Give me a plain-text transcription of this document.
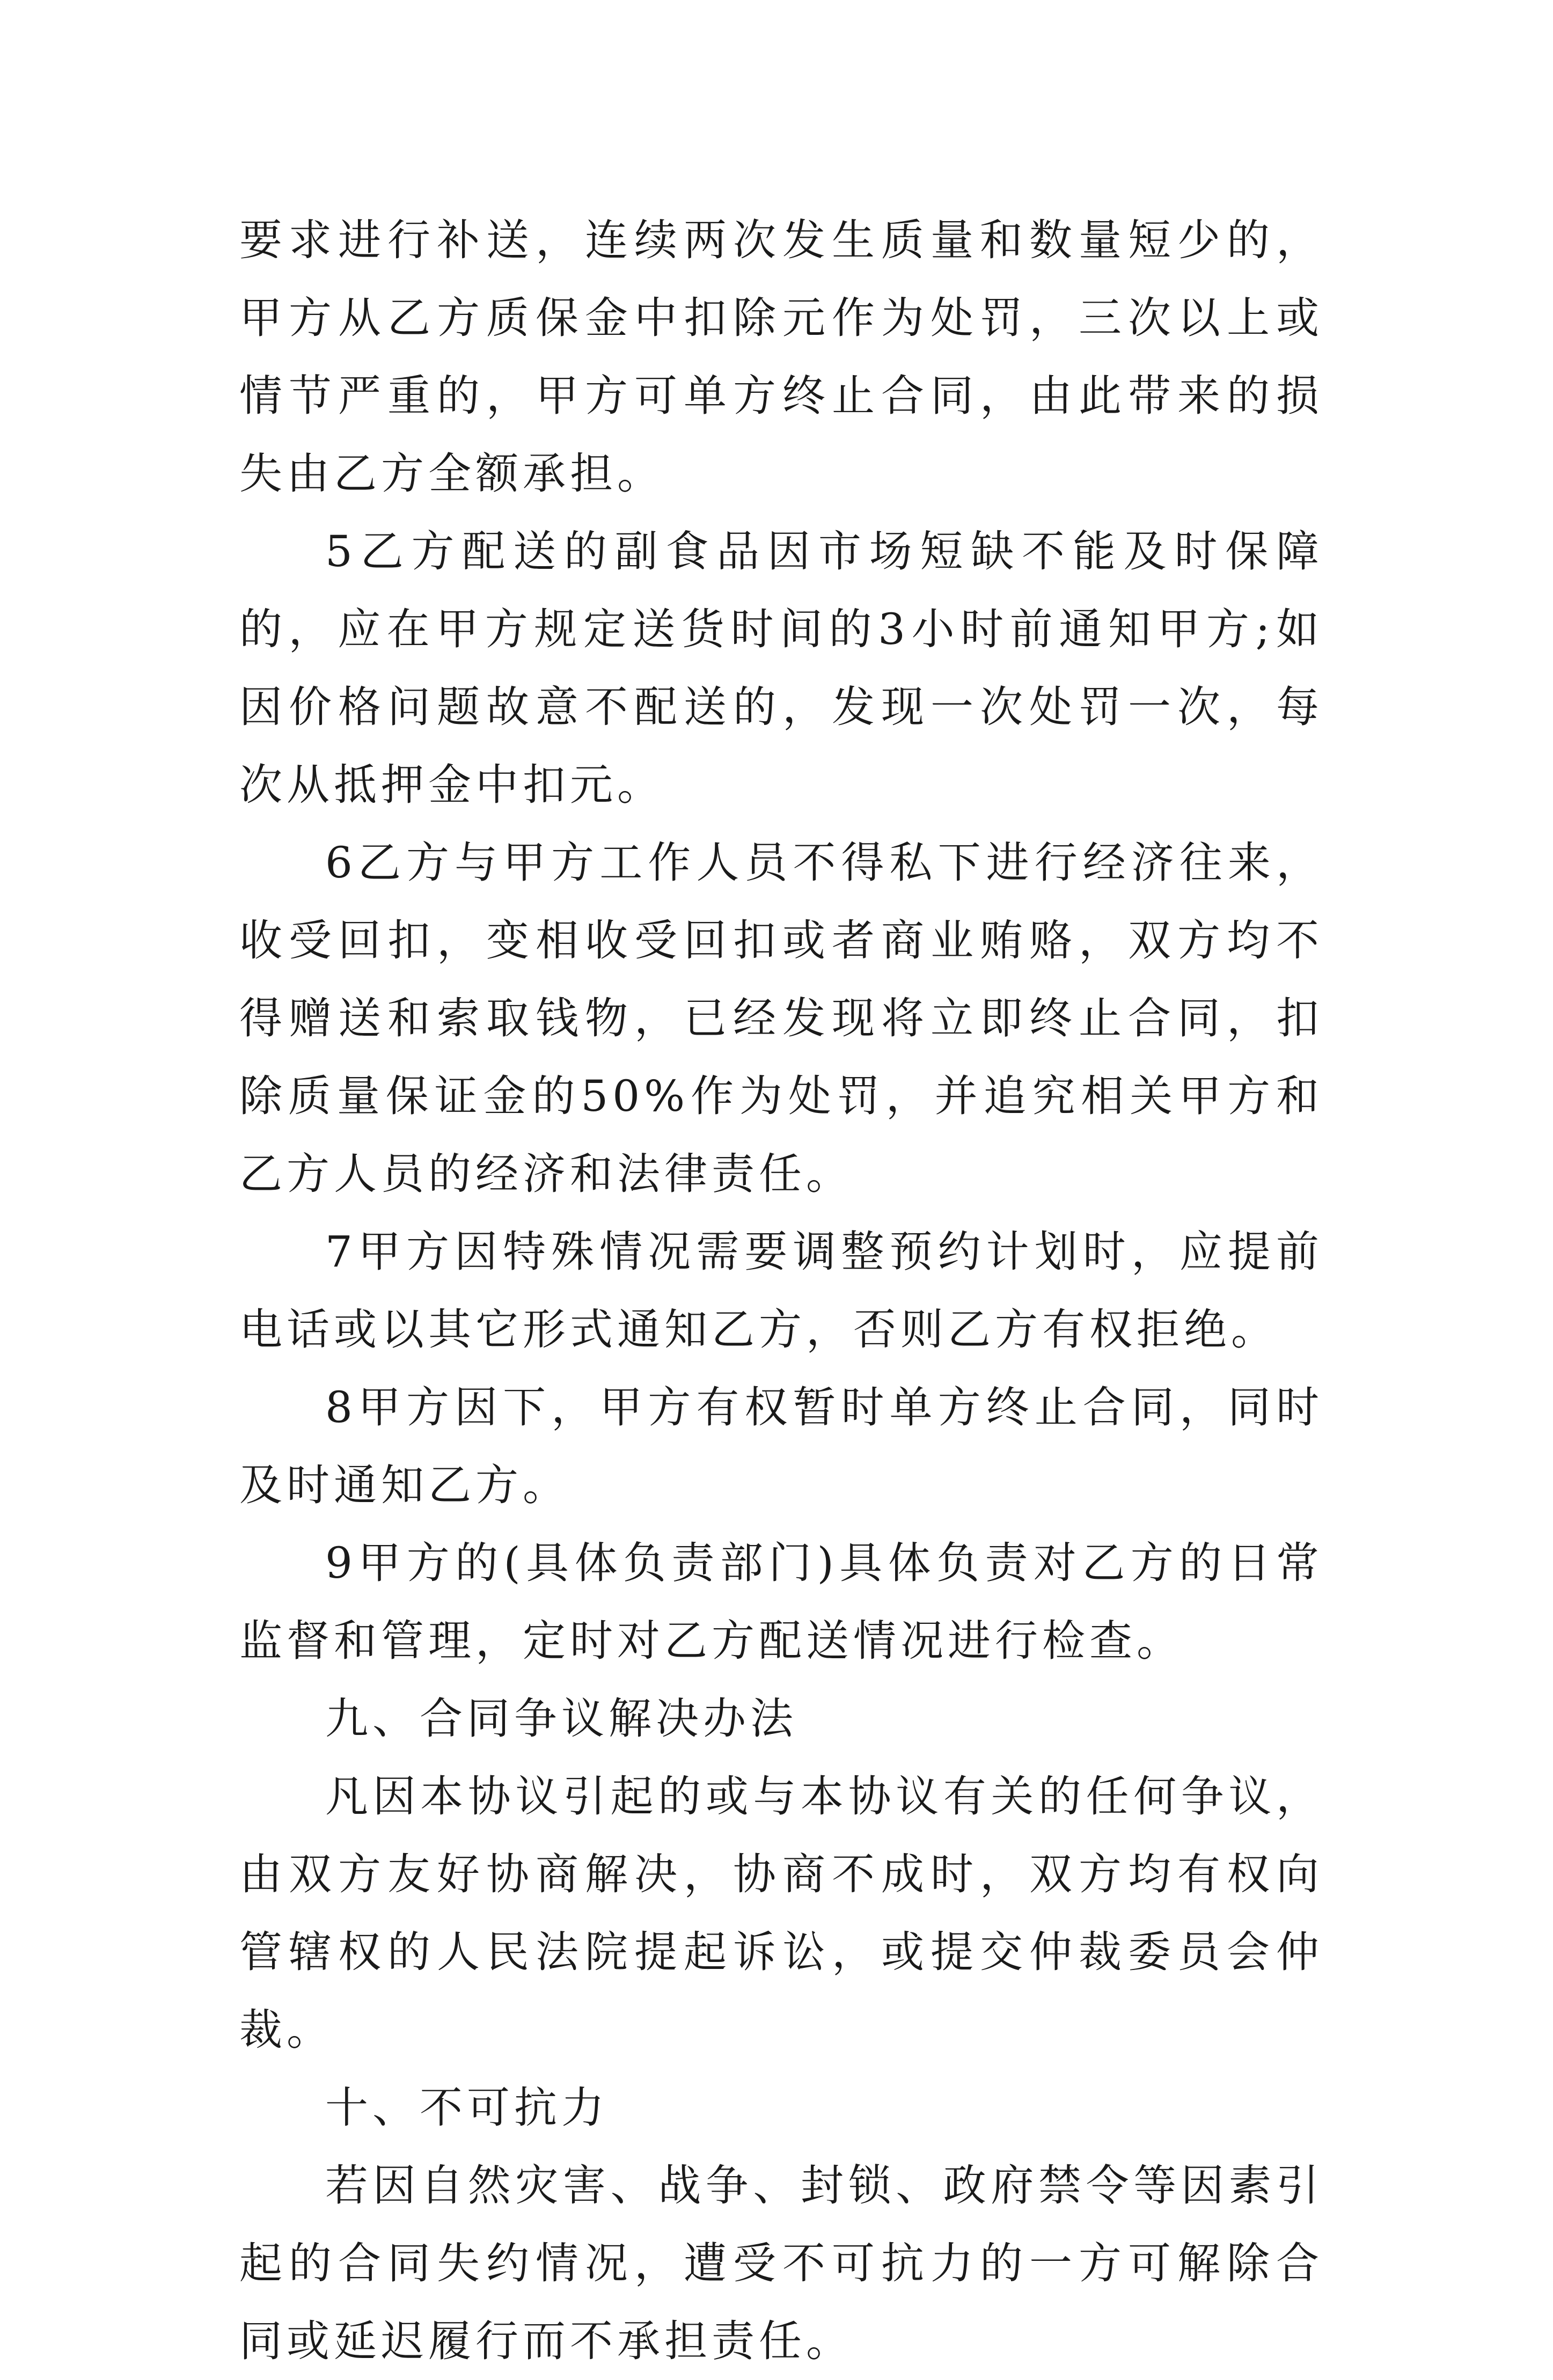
要求进行补送，连续两次发生质量和数量短少的，甲方从乙方质保金中扣除元作为处罚，三次以上或情节严重的，甲方可单方终止合同，由此带来的损失由乙方全额承担。

5乙方配送的副食品因市场短缺不能及时保障的，应在甲方规定送货时间的3小时前通知甲方;如因价格问题故意不配送的，发现一次处罚一次，每次从抵押金中扣元。

6乙方与甲方工作人员不得私下进行经济往来，收受回扣，变相收受回扣或者商业贿赂，双方均不得赠送和索取钱物，已经发现将立即终止合同，扣除质量保证金的50%作为处罚，并追究相关甲方和乙方人员的经济和法律责任。

7甲方因特殊情况需要调整预约计划时，应提前电话或以其它形式通知乙方，否则乙方有权拒绝。

8甲方因下，甲方有权暂时单方终止合同，同时及时通知乙方。

9甲方的(具体负责部门)具体负责对乙方的日常监督和管理，定时对乙方配送情况进行检查。

九、合同争议解决办法

凡因本协议引起的或与本协议有关的任何争议，由双方友好协商解决，协商不成时，双方均有权向管辖权的人民法院提起诉讼，或提交仲裁委员会仲裁。

十、不可抗力

若因自然灾害、战争、封锁、政府禁令等因素引起的合同失约情况，遭受不可抗力的一方可解除合同或延迟履行而不承担责任。
